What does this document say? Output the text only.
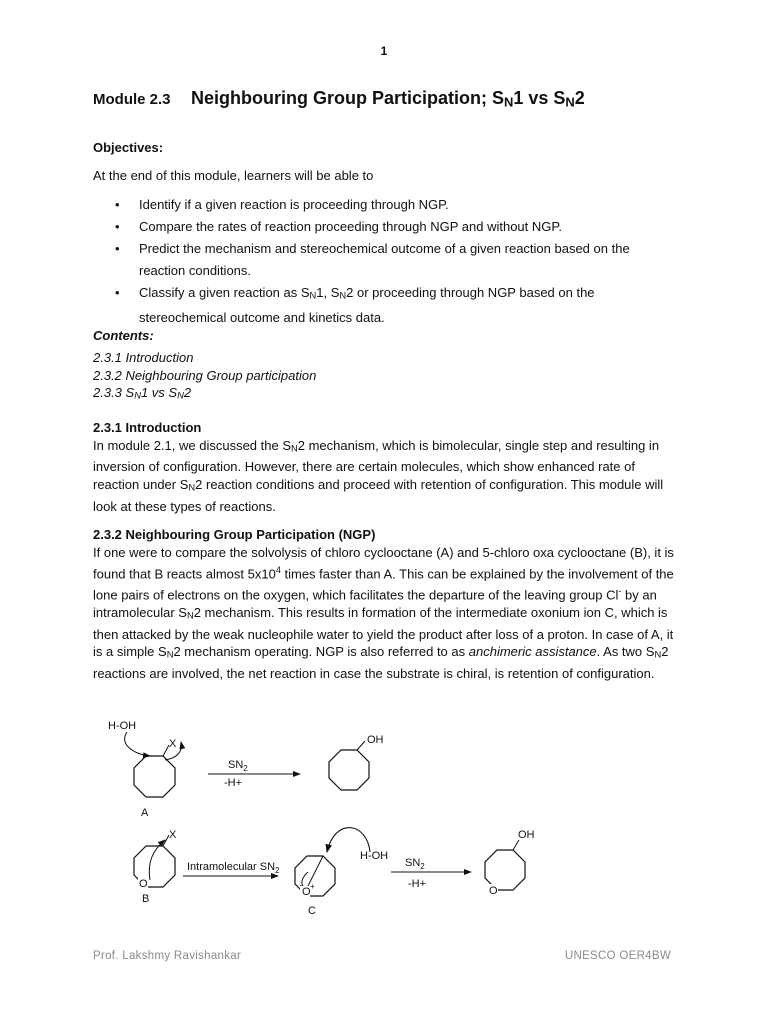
1
Module 2.3 Neighbouring Group Participation; SN1 vs SN2
Objectives:
At the end of this module, learners will be able to
• Identify if a given reaction is proceeding through NGP.
• Compare the rates of reaction proceeding through NGP and without NGP.
• Predict the mechanism and stereochemical outcome of a given reaction based on the reaction conditions.
• Classify a given reaction as SN1, SN2 or proceeding through NGP based on the stereochemical outcome and kinetics data.
Contents:
2.3.1 Introduction
2.3.2 Neighbouring Group participation
2.3.3 SN1 vs SN2
2.3.1 Introduction
In module 2.1, we discussed the SN2 mechanism, which is bimolecular, single step and resulting in inversion of configuration. However, there are certain molecules, which show enhanced rate of reaction under SN2 reaction conditions and proceed with retention of configuration. This module will look at these types of reactions.
2.3.2 Neighbouring Group Participation (NGP)
If one were to compare the solvolysis of chloro cyclooctane (A) and 5-chloro oxa cyclooctane (B), it is found that B reacts almost $5x10^4$ times faster than A. This can be explained by the involvement of the lone pairs of electrons on the oxygen, which facilitates the departure of the leaving group Cl- by an intramolecular SN2 mechanism. This results in formation of the intermediate oxonium ion C, which is then attacked by the weak nucleophile water to yield the product after loss of a proton. In case of A, it is a simple SN2 mechanism operating. NGP is also referred to as anchimeric assistance. As two SN2 reactions are involved, the net reaction in case the substrate is chiral, is retention of configuration.
H-OH
X
A
$SN_2$
-H+
OH
X
O
B
Intramolecular $SN_2$
O +
H-OH
C
$SN_2$
-H+
OH
O
Prof. Lakshmy Ravishankar	UNESCO OER4BW
